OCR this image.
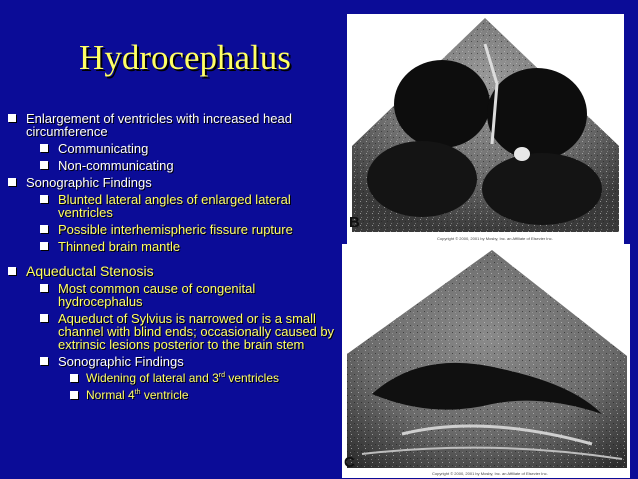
Hydrocephalus
Enlargement of ventricles with increased head circumference
Communicating
Non-communicating
Sonographic Findings
Blunted lateral angles of enlarged lateral ventricles
Possible interhemispheric fissure rupture
Thinned brain mantle
Aqueductal Stenosis
Most common cause of congenital hydrocephalus
Aqueduct of Sylvius is narrowed or is a small channel with blind ends; occasionally caused by extrinsic lesions posterior to the brain stem
Sonographic Findings
Widening of lateral and 3rd ventricles
Normal 4th ventricle
B
Copyright © 2000, 2001 by Mosby, Inc. an Affiliate of Elsevier Inc.
C
Copyright © 2000, 2001 by Mosby, Inc. an Affiliate of Elsevier Inc.
